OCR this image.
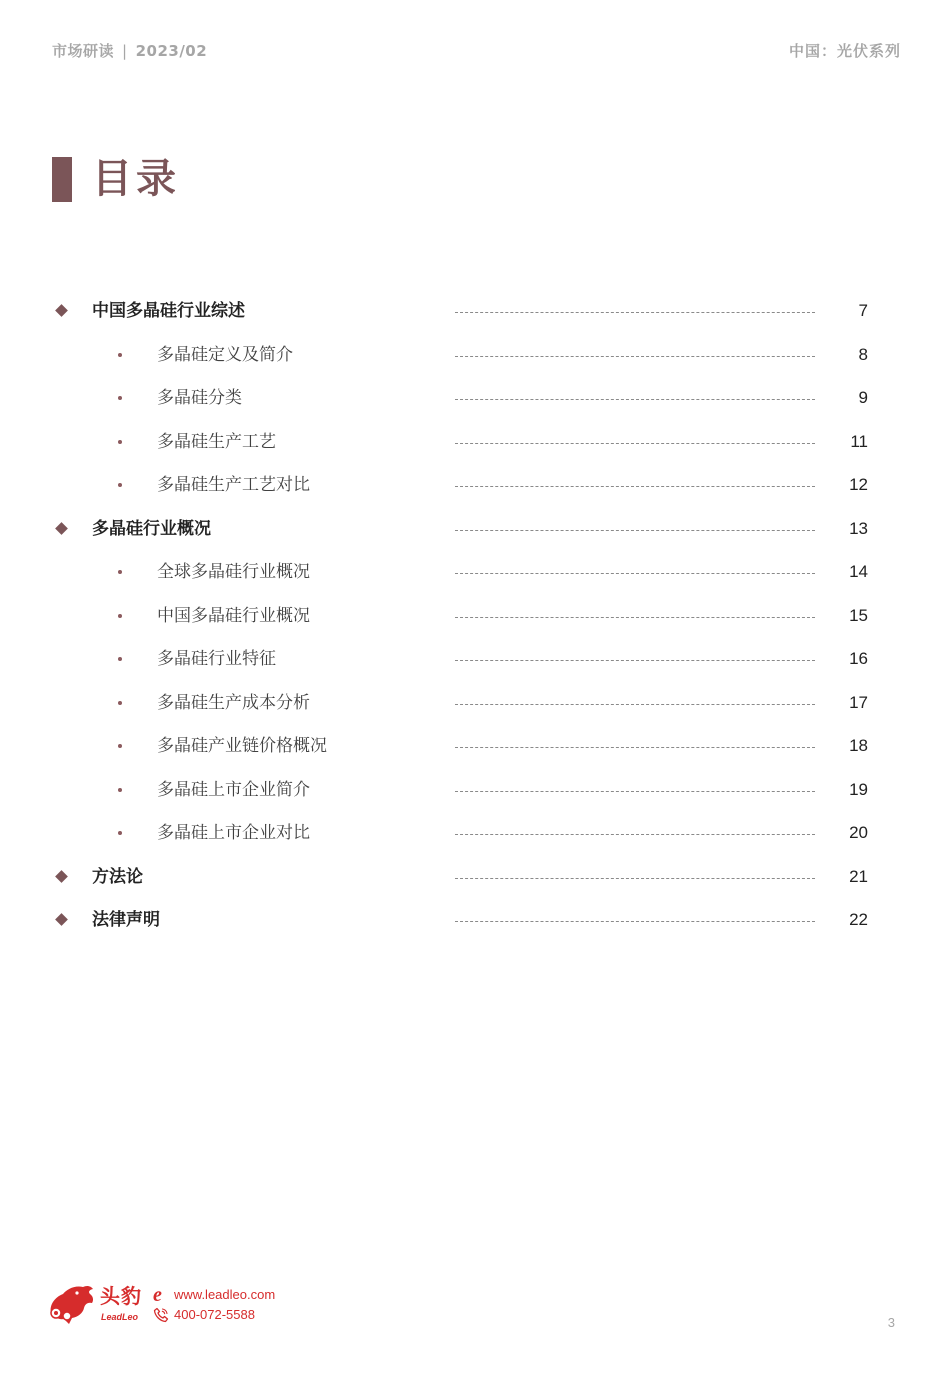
市场研读 | 2023/02	中国：光伏系列
目录
中国多晶硅行业综述	7
多晶硅定义及简介	8
多晶硅分类	9
多晶硅生产工艺	11
多晶硅生产工艺对比	12
多晶硅行业概况	13
全球多晶硅行业概况	14
中国多晶硅行业概况	15
多晶硅行业特征	16
多晶硅生产成本分析	17
多晶硅产业链价格概况	18
多晶硅上市企业简介	19
多晶硅上市企业对比	20
方法论	21
法律声明	22
头豹
LeadLeo
e www.leadleo.com
400-072-5588
3
